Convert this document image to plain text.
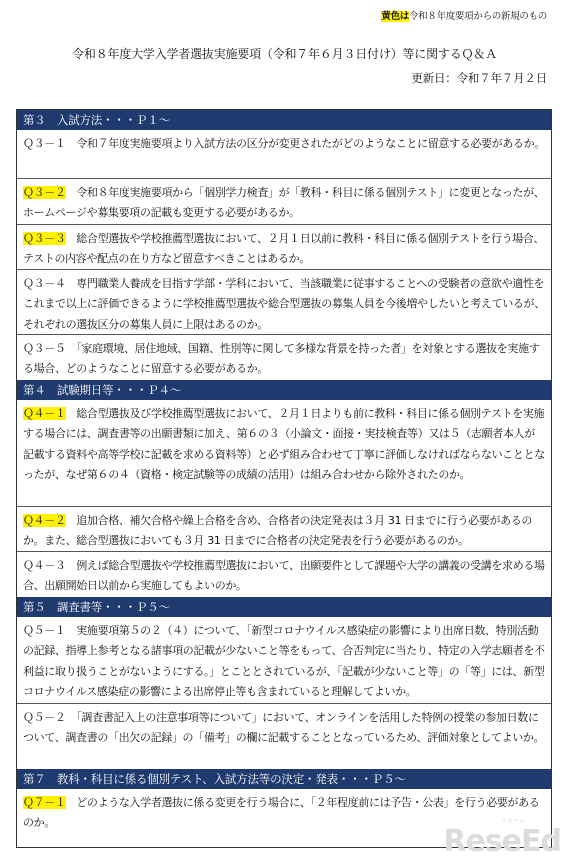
黄色は令和８年度要項からの新規のもの
令和８年度大学入学者選抜実施要項（令和７年６月３日付け）等に関するＱ＆Ａ
更新日：令和７年７月２日
第３　入試方法・・・Ｐ１～
Ｑ３－１　 令和７年度実施要項より入試方法の区分が変更されたがどのようなことに留意する必要があるか。
Ｑ３－２　 令和８年度実施要項から「個別学力検査」が「教科・科目に係る個別テスト」に変更となったが、ホームページや募集要項の記載も変更する必要があるか。
Ｑ３－３　 総合型選抜や学校推薦型選抜において、２月１日以前に教科・科目に係る個別テストを行う場合、テストの内容や配点の在り方など留意すべきことはあるか。
Ｑ３－４　 専門職業人養成を目指す学部・学科において、当該職業に従事することへの受験者の意欲や適性をこれまで以上に評価できるように学校推薦型選抜や総合型選抜の募集人員を今後増やしたいと考えているが、それぞれの選抜区分の募集人員に上限はあるのか。
Ｑ３－５　 「家庭環境、居住地域、国籍、性別等に関して多様な背景を持った者」を対象とする選抜を実施する場合、どのようなことに留意する必要があるか。
第４　試験期日等・・・Ｐ４～
Ｑ４－１　 総合型選抜及び学校推薦型選抜において、２月１日よりも前に教科・科目に係る個別テストを実施する場合には、調査書等の出願書類に加え、第６の３（小論文・面接・実技検査等）又は５（志願者本人が記載する資料や高等学校に記載を求める資料等）と必ず組み合わせて丁寧に評価しなければならないこととなったが、なぜ第６の４（資格・検定試験等の成績の活用）は組み合わせから除外されたのか。
Ｑ４－２　 追加合格、補欠合格や繰上合格を含め、合格者の決定発表は３月 31 日までに行う必要があるのか。また、総合型選抜においても３月 31 日までに合格者の決定発表を行う必要があるのか。
Ｑ４－３　 例えば総合型選抜や学校推薦型選抜において、出願要件として課題や大学の講義の受講を求める場合、出願開始日以前から実施してもよいのか。
第５　調査書等・・・Ｐ５～
Ｑ５－１　 実施要項第５の２（４）について、「新型コロナウイルス感染症の影響により出席日数、特別活動の記録、指導上参考となる諸事項の記載が少ないこと等をもって、合否判定に当たり、特定の入学志願者を不利益に取り扱うことがないようにする。」とこととされているが、「記載が少ないこと等」の「等」には、新型コロナウイルス感染症の影響による出席停止等も含まれていると理解してよいか。
Ｑ５－２　 「調査書記入上の注意事項等について」において、オンラインを活用した特例の授業の参加日数について、調査書の「出欠の記録」の「備考」の欄に記載することとなっているため、評価対象としてよいか。
第７　教科・科目に係る個別テスト、入試方法等の決定・発表・・・Ｐ５～
Ｑ７－１　 どのような入学者選抜に係る変更を行う場合に、「２年程度前には予告・公表」を行う必要があるのか。	リセマム
ReseEd
